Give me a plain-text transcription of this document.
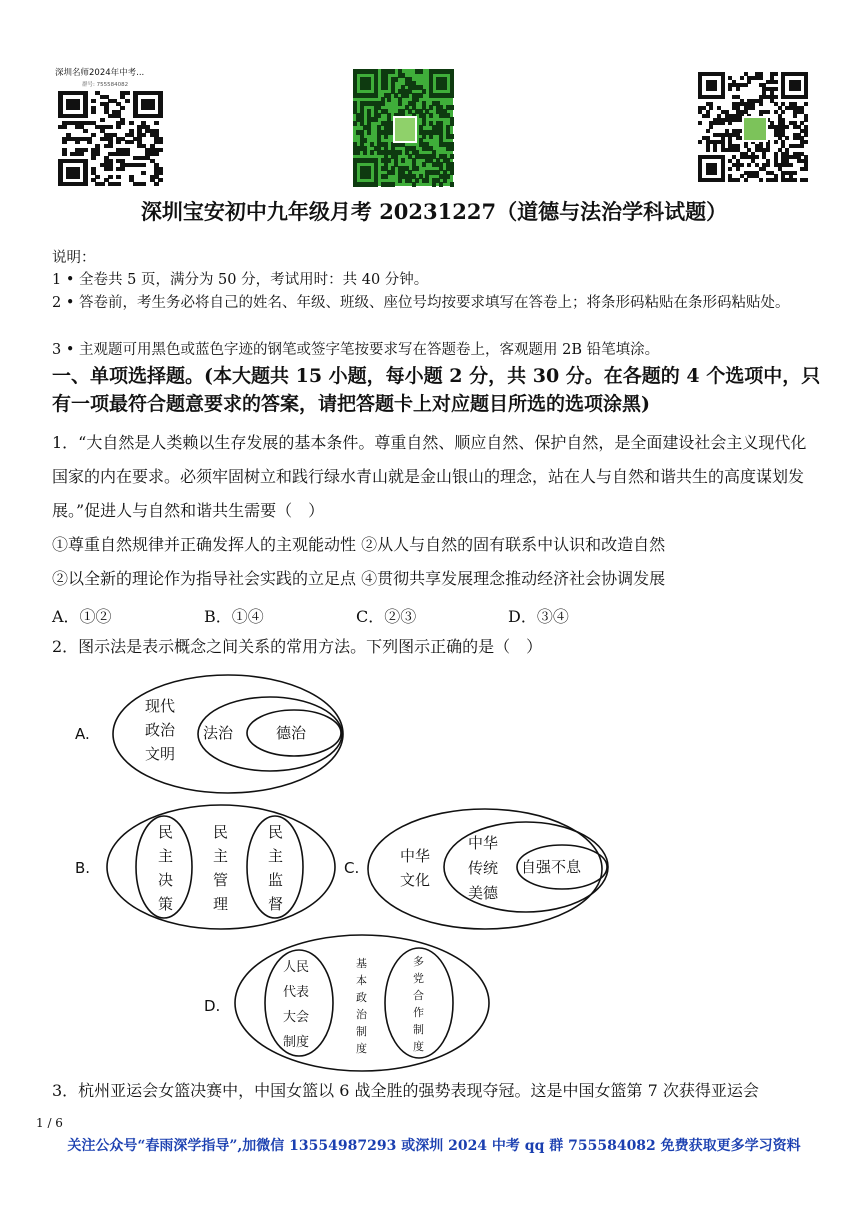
深圳名师2024年中考...
群号: 755584082
深圳宝安初中九年级月考 20231227（道德与法治学科试题）
说明：
1 • 全卷共 5 页，满分为 50 分，考试用时：共 40 分钟。
2 • 答卷前，考生务必将自己的姓名、年级、班级、座位号均按要求填写在答卷上；将条形码粘贴在条形码粘贴处。
3 • 主观题可用黑色或蓝色字迹的钢笔或签字笔按要求写在答题卷上，客观题用 2B 铅笔填涂。
一、单项选择题。(本大题共 15 小题，每小题 2 分，共 30 分。在各题的 4 个选项中，只有一项最符合题意要求的答案，请把答题卡上对应题目所选的选项涂黑)
1．“大自然是人类赖以生存发展的基本条件。尊重自然、顺应自然、保护自然，是全面建设社会主义现代化国家的内在要求。必须牢固树立和践行绿水青山就是金山银山的理念，站在人与自然和谐共生的高度谋划发展。”促进人与自然和谐共生需要（　）
①尊重自然规律并正确发挥人的主观能动性 ②从人与自然的固有联系中认识和改造自然
②以全新的理论作为指导社会实践的立足点 ④贯彻共享发展理念推动经济社会协调发展
A．①②	B．①④	C．②③	D．③④
2．图示法是表示概念之间关系的常用方法。下列图示正确的是（　）
A.
现代
政治
文明
法治	德治
B.
民
主
决
策
民
主
管
理
民
主
监
督
C.
中华
文化
中华
传统
美德
自强不息
D.
人民
代表
大会
制度
基
本
政
治
制
度
多
党
合
作
制
度
3．杭州亚运会女篮决赛中，中国女篮以 6 战全胜的强势表现夺冠。这是中国女篮第 7 次获得亚运会
1 / 6
关注公众号“春雨深学指导”,加微信 13554987293 或深圳 2024 中考 qq 群 755584082 免费获取更多学习资料
